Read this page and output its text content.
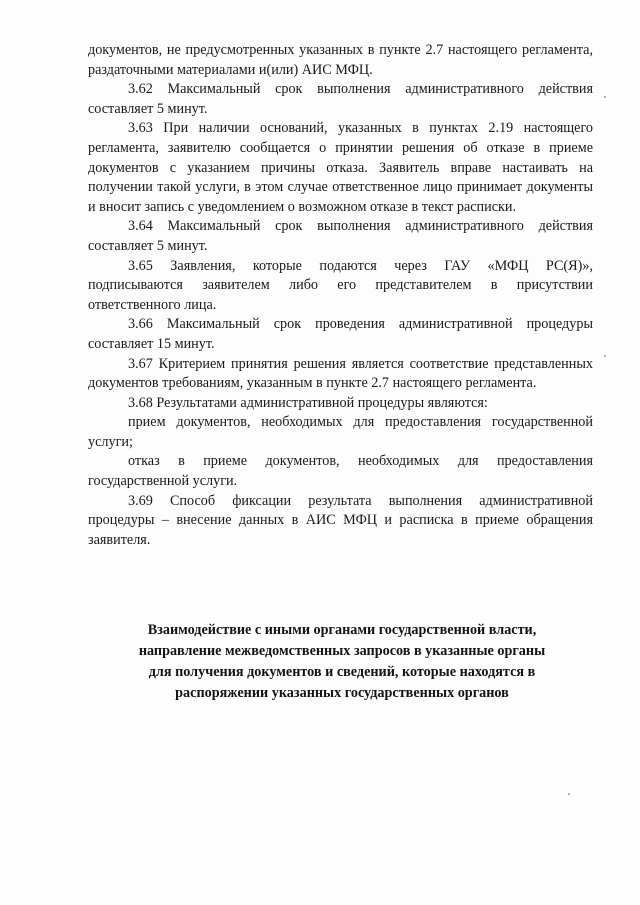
документов, не предусмотренных указанных в пункте 2.7 настоящего регламента, раздаточными материалами и(или) АИС МФЦ.

3.62 Максимальный срок выполнения административного действия составляет 5 минут.

3.63 При наличии оснований, указанных в пунктах 2.19 настоящего регламента, заявителю сообщается о принятии решения об отказе в приеме документов с указанием причины отказа. Заявитель вправе настаивать на получении такой услуги, в этом случае ответственное лицо принимает документы и вносит запись с уведомлением о возможном отказе в текст расписки.

3.64 Максимальный срок выполнения административного действия составляет 5 минут.

3.65 Заявления, которые подаются через ГАУ «МФЦ РС(Я)», подписываются заявителем либо его представителем в присутствии ответственного лица.

3.66 Максимальный срок проведения административной процедуры составляет 15 минут.

3.67 Критерием принятия решения является соответствие представленных документов требованиям, указанным в пункте 2.7 настоящего регламента.

3.68 Результатами административной процедуры являются:

прием документов, необходимых для предоставления государственной услуги;

отказ в приеме документов, необходимых для предоставления государственной услуги.

3.69 Способ фиксации результата выполнения административной процедуры – внесение данных в АИС МФЦ и расписка в приеме обращения заявителя.

Взаимодействие с иными органами государственной власти,
направление межведомственных запросов в указанные органы
для получения документов и сведений, которые находятся в
распоряжении указанных государственных органов
